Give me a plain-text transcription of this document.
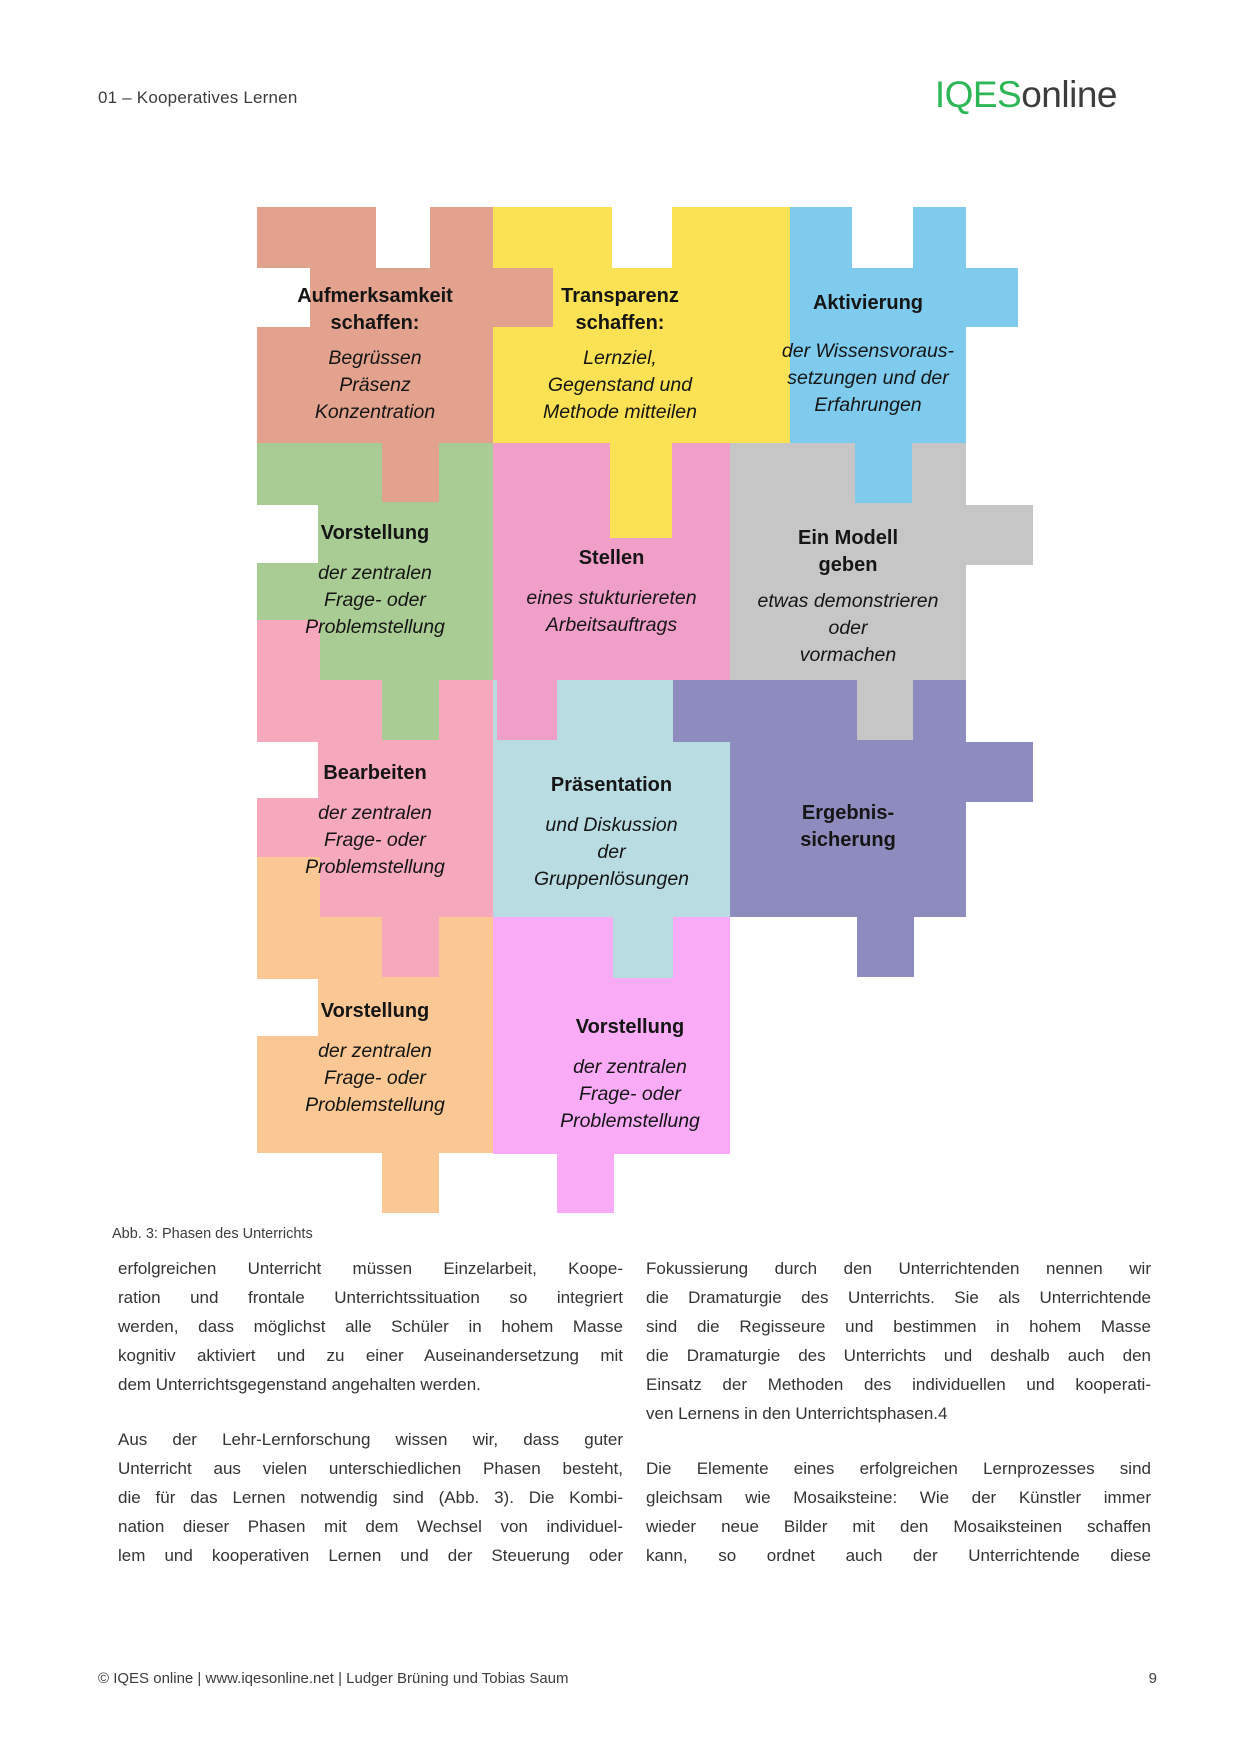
01 – Kooperatives Lernen	IQESonline
Aufmerksamkeit
schaffen:
Begrüssen
Präsenz
Konzentration
Transparenz
schaffen:
Lernziel,
Gegenstand und
Methode mitteilen
Aktivierung
der Wissensvoraus-
setzungen und der
Erfahrungen
Vorstellung
der zentralen
Frage- oder
Problemstellung
Stellen
eines stukturiereten
Arbeitsauftrags
Ein Modell
geben
etwas demonstrieren
oder
vormachen
Bearbeiten
der zentralen
Frage- oder
Problemstellung
Präsentation
und Diskussion
der
Gruppenlösungen
Ergebnis-
sicherung
Vorstellung
der zentralen
Frage- oder
Problemstellung
Vorstellung
der zentralen
Frage- oder
Problemstellung
Abb. 3: Phasen des Unterrichts
erfolgreichen Unterricht müssen Einzelarbeit, Koope-
ration und frontale Unterrichtssituation so integriert
werden, dass möglichst alle Schüler in hohem Masse
kognitiv aktiviert und zu einer Auseinandersetzung mit
dem Unterrichtsgegenstand angehalten werden.
Aus der Lehr-Lernforschung wissen wir, dass guter
Unterricht aus vielen unterschiedlichen Phasen besteht,
die für das Lernen notwendig sind (Abb. 3). Die Kombi-
nation dieser Phasen mit dem Wechsel von individuel-
lem und kooperativen Lernen und der Steuerung oder
Fokussierung durch den Unterrichtenden nennen wir
die Dramaturgie des Unterrichts. Sie als Unterrichtende
sind die Regisseure und bestimmen in hohem Masse
die Dramaturgie des Unterrichts und deshalb auch den
Einsatz der Methoden des individuellen und kooperati-
ven Lernens in den Unterrichtsphasen.4
Die Elemente eines erfolgreichen Lernprozesses sind
gleichsam wie Mosaiksteine: Wie der Künstler immer
wieder neue Bilder mit den Mosaiksteinen schaffen
kann, so ordnet auch der Unterrichtende diese
© IQES online | www.iqesonline.net | Ludger Brüning und Tobias Saum	9
